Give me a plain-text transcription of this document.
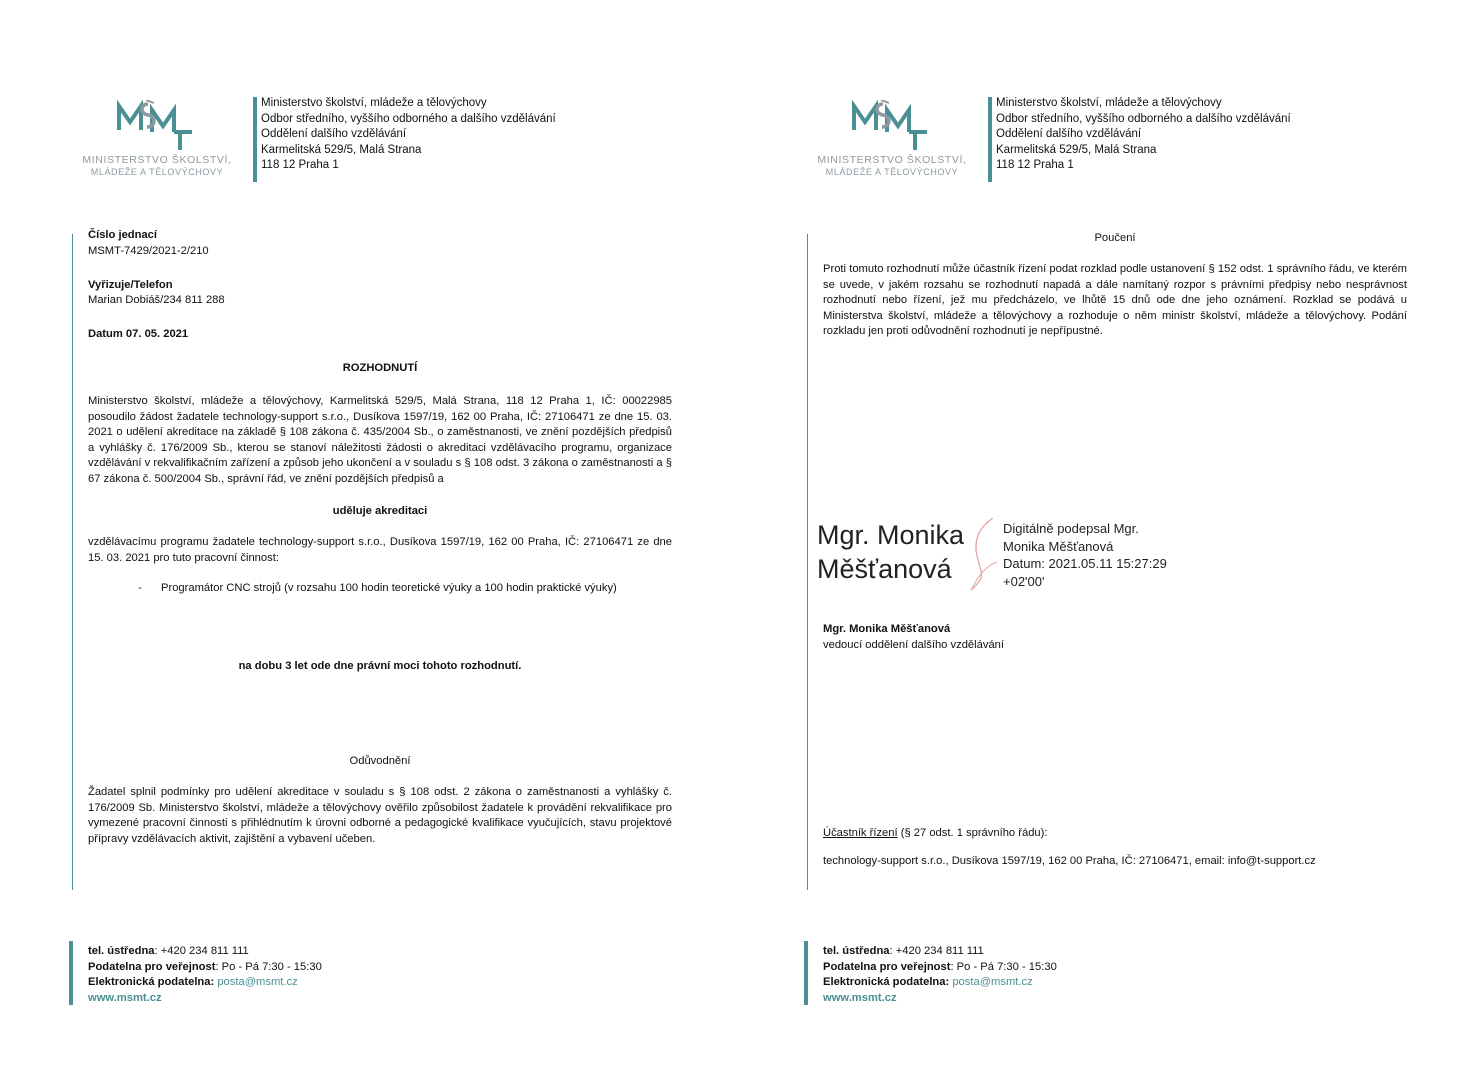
MINISTERSTVO ŠKOLSTVÍ,
MLÁDEŽE A TĚLOVÝCHOVY
Ministerstvo školství, mládeže a tělovýchovy
Odbor středního, vyššího odborného a dalšího vzdělávání
Oddělení dalšího vzdělávání
Karmelitská 529/5, Malá Strana
118 12 Praha 1
Číslo jednací
MSMT-7429/2021-2/210
Vyřizuje/Telefon
Marian Dobiáš/234 811 288
Datum 07. 05. 2021
ROZHODNUTÍ
Ministerstvo školství, mládeže a tělovýchovy, Karmelitská 529/5, Malá Strana, 118 12 Praha 1, IČ: 00022985 posoudilo žádost žadatele technology-support s.r.o., Dusíkova 1597/19, 162 00 Praha, IČ: 27106471 ze dne 15. 03. 2021 o udělení akreditace na základě § 108 zákona č. 435/2004 Sb., o zaměstnanosti, ve znění pozdějších předpisů a vyhlášky č. 176/2009 Sb., kterou se stanoví náležitosti žádosti o akreditaci vzdělávacího programu, organizace vzdělávání v rekvalifikačním zařízení a způsob jeho ukončení a v souladu s § 108 odst. 3 zákona o zaměstnanosti a § 67 zákona č. 500/2004 Sb., správní řád, ve znění pozdějších předpisů a
uděluje akreditaci
vzdělávacímu programu žadatele technology-support s.r.o., Dusíkova 1597/19, 162 00 Praha, IČ: 27106471 ze dne 15. 03. 2021 pro tuto pracovní činnost:
- Programátor CNC strojů (v rozsahu 100 hodin teoretické výuky a 100 hodin praktické výuky)
na dobu 3 let ode dne právní moci tohoto rozhodnutí.
Odůvodnění
Žadatel splnil podmínky pro udělení akreditace v souladu s § 108 odst. 2 zákona o zaměstnanosti a vyhlášky č. 176/2009 Sb. Ministerstvo školství, mládeže a tělovýchovy ověřilo způsobilost žadatele k provádění rekvalifikace pro vymezené pracovní činnosti s přihlédnutím k úrovni odborné a pedagogické kvalifikace vyučujících, stavu projektové přípravy vzdělávacích aktivit, zajištění a vybavení učeben.
tel. ústředna: +420 234 811 111
Podatelna pro veřejnost: Po - Pá 7:30 - 15:30
Elektronická podatelna: posta@msmt.cz
www.msmt.cz
MINISTERSTVO ŠKOLSTVÍ,
MLÁDEŽE A TĚLOVÝCHOVY
Ministerstvo školství, mládeže a tělovýchovy
Odbor středního, vyššího odborného a dalšího vzdělávání
Oddělení dalšího vzdělávání
Karmelitská 529/5, Malá Strana
118 12 Praha 1
Poučení
Proti tomuto rozhodnutí může účastník řízení podat rozklad podle ustanovení § 152 odst. 1 správního řádu, ve kterém se uvede, v jakém rozsahu se rozhodnutí napadá a dále namítaný rozpor s právními předpisy nebo nesprávnost rozhodnutí nebo řízení, jež mu předcházelo, ve lhůtě 15 dnů ode dne jeho oznámení. Rozklad se podává u Ministerstva školství, mládeže a tělovýchovy a rozhoduje o něm ministr školství, mládeže a tělovýchovy. Podání rozkladu jen proti odůvodnění rozhodnutí je nepřípustné.
Mgr. Monika
Měšťanová
Digitálně podepsal Mgr.
Monika Měšťanová
Datum: 2021.05.11 15:27:29
+02'00'
Mgr. Monika Měšťanová
vedoucí oddělení dalšího vzdělávání
Účastník řízení (§ 27 odst. 1 správního řádu):
technology-support s.r.o., Dusíkova 1597/19, 162 00 Praha, IČ: 27106471, email: info@t-support.cz
tel. ústředna: +420 234 811 111
Podatelna pro veřejnost: Po - Pá 7:30 - 15:30
Elektronická podatelna: posta@msmt.cz
www.msmt.cz
